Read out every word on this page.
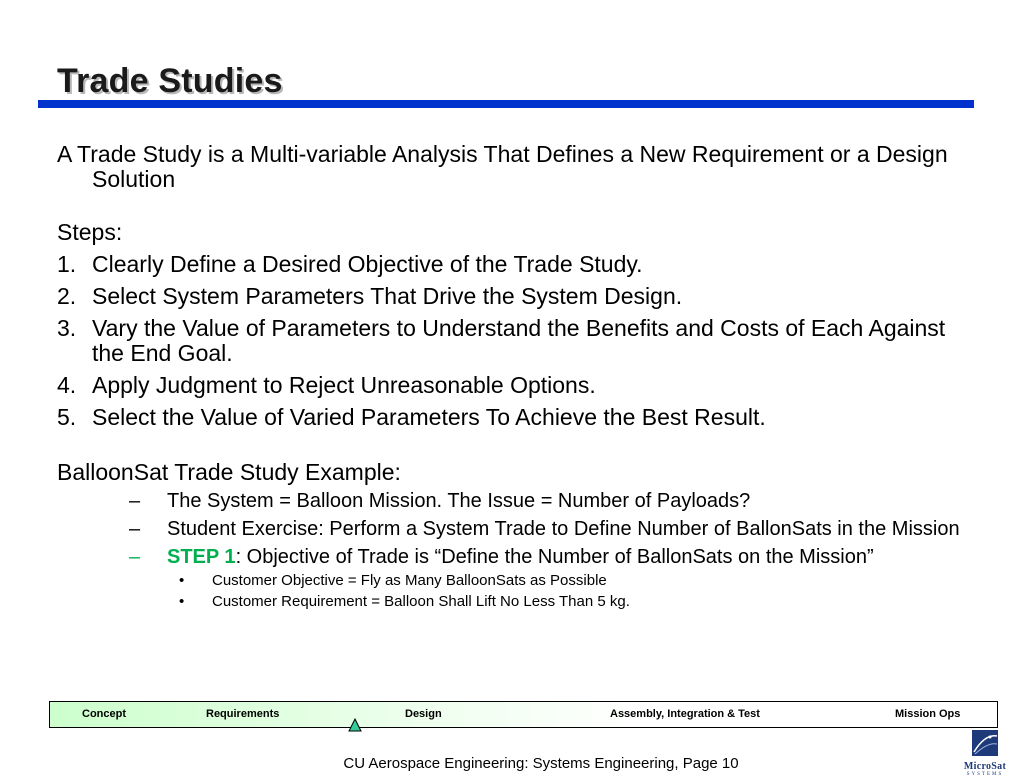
Trade Studies

A Trade Study is a Multi-variable Analysis That Defines a New Requirement or a Design Solution

Steps:

1. Clearly Define a Desired Objective of the Trade Study.
2. Select System Parameters That Drive the System Design.
3. Vary the Value of Parameters to Understand the Benefits and Costs of Each Against the End Goal.
4. Apply Judgment to Reject Unreasonable Options.
5. Select the Value of Varied Parameters To Achieve the Best Result.

BalloonSat Trade Study Example:

– The System = Balloon Mission. The Issue = Number of Payloads?
– Student Exercise: Perform a System Trade to Define Number of BallonSats in the Mission
– STEP 1: Objective of Trade is “Define the Number of BallonSats on the Mission”
• Customer Objective = Fly as Many BalloonSats as Possible
• Customer Requirement = Balloon Shall Lift No Less Than 5 kg.
Concept	Requirements	Design	Assembly, Integration & Test	Mission Ops
CU Aerospace Engineering: Systems Engineering, Page 10	MicroSat
SYSTEMS
